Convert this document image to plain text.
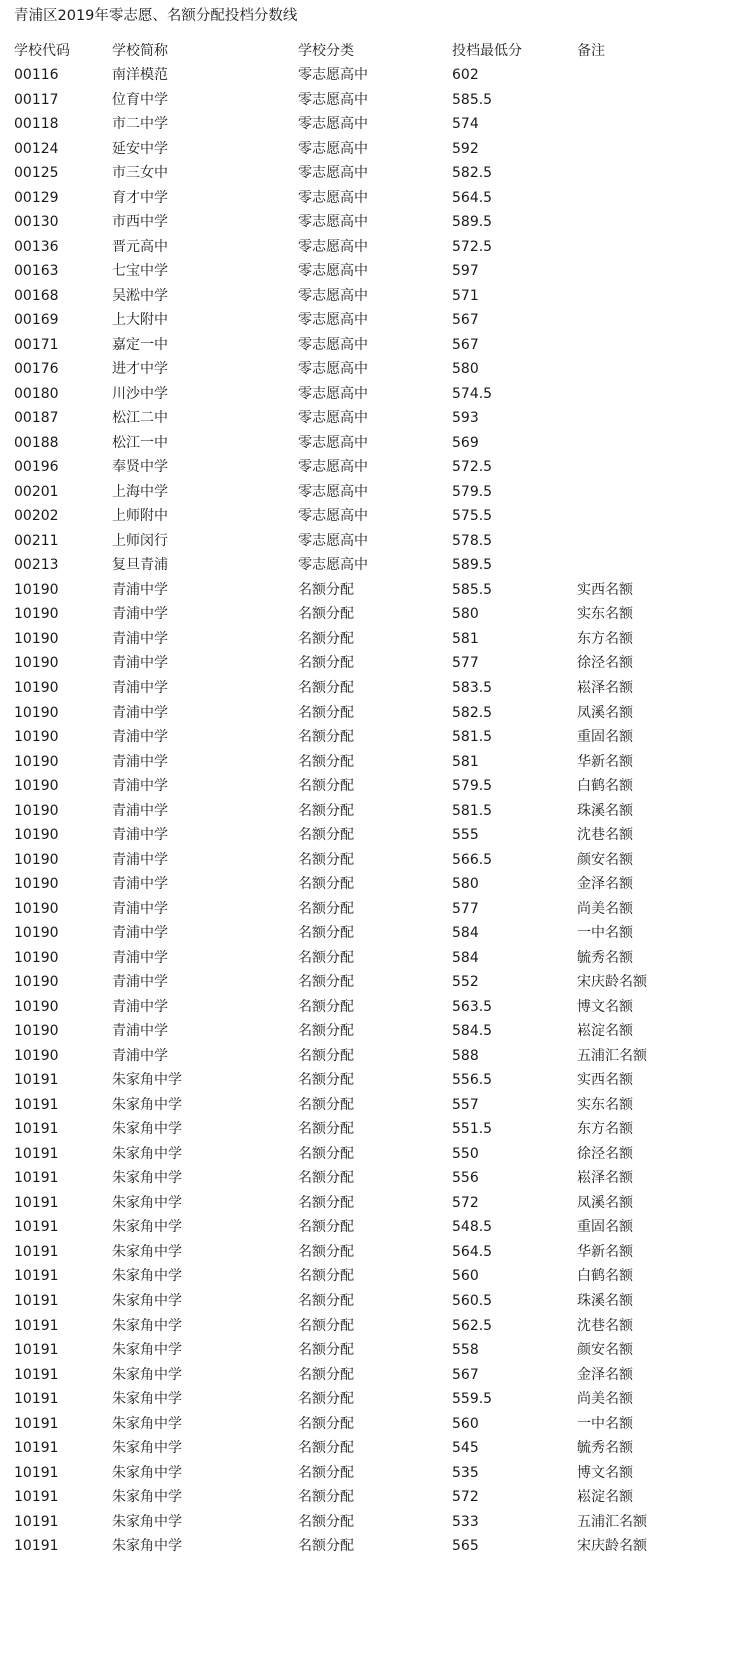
青浦区2019年零志愿、名额分配投档分数线
学校代码	学校简称	学校分类	投档最低分	备注
00116	南洋模范	零志愿高中	602
00117	位育中学	零志愿高中	585.5
00118	市二中学	零志愿高中	574
00124	延安中学	零志愿高中	592
00125	市三女中	零志愿高中	582.5
00129	育才中学	零志愿高中	564.5
00130	市西中学	零志愿高中	589.5
00136	晋元高中	零志愿高中	572.5
00163	七宝中学	零志愿高中	597
00168	吴淞中学	零志愿高中	571
00169	上大附中	零志愿高中	567
00171	嘉定一中	零志愿高中	567
00176	进才中学	零志愿高中	580
00180	川沙中学	零志愿高中	574.5
00187	松江二中	零志愿高中	593
00188	松江一中	零志愿高中	569
00196	奉贤中学	零志愿高中	572.5
00201	上海中学	零志愿高中	579.5
00202	上师附中	零志愿高中	575.5
00211	上师闵行	零志愿高中	578.5
00213	复旦青浦	零志愿高中	589.5
10190	青浦中学	名额分配	585.5	实西名额
10190	青浦中学	名额分配	580	实东名额
10190	青浦中学	名额分配	581	东方名额
10190	青浦中学	名额分配	577	徐泾名额
10190	青浦中学	名额分配	583.5	崧泽名额
10190	青浦中学	名额分配	582.5	凤溪名额
10190	青浦中学	名额分配	581.5	重固名额
10190	青浦中学	名额分配	581	华新名额
10190	青浦中学	名额分配	579.5	白鹤名额
10190	青浦中学	名额分配	581.5	珠溪名额
10190	青浦中学	名额分配	555	沈巷名额
10190	青浦中学	名额分配	566.5	颜安名额
10190	青浦中学	名额分配	580	金泽名额
10190	青浦中学	名额分配	577	尚美名额
10190	青浦中学	名额分配	584	一中名额
10190	青浦中学	名额分配	584	毓秀名额
10190	青浦中学	名额分配	552	宋庆龄名额
10190	青浦中学	名额分配	563.5	博文名额
10190	青浦中学	名额分配	584.5	崧淀名额
10190	青浦中学	名额分配	588	五浦汇名额
10191	朱家角中学	名额分配	556.5	实西名额
10191	朱家角中学	名额分配	557	实东名额
10191	朱家角中学	名额分配	551.5	东方名额
10191	朱家角中学	名额分配	550	徐泾名额
10191	朱家角中学	名额分配	556	崧泽名额
10191	朱家角中学	名额分配	572	凤溪名额
10191	朱家角中学	名额分配	548.5	重固名额
10191	朱家角中学	名额分配	564.5	华新名额
10191	朱家角中学	名额分配	560	白鹤名额
10191	朱家角中学	名额分配	560.5	珠溪名额
10191	朱家角中学	名额分配	562.5	沈巷名额
10191	朱家角中学	名额分配	558	颜安名额
10191	朱家角中学	名额分配	567	金泽名额
10191	朱家角中学	名额分配	559.5	尚美名额
10191	朱家角中学	名额分配	560	一中名额
10191	朱家角中学	名额分配	545	毓秀名额
10191	朱家角中学	名额分配	535	博文名额
10191	朱家角中学	名额分配	572	崧淀名额
10191	朱家角中学	名额分配	533	五浦汇名额
10191	朱家角中学	名额分配	565	宋庆龄名额
